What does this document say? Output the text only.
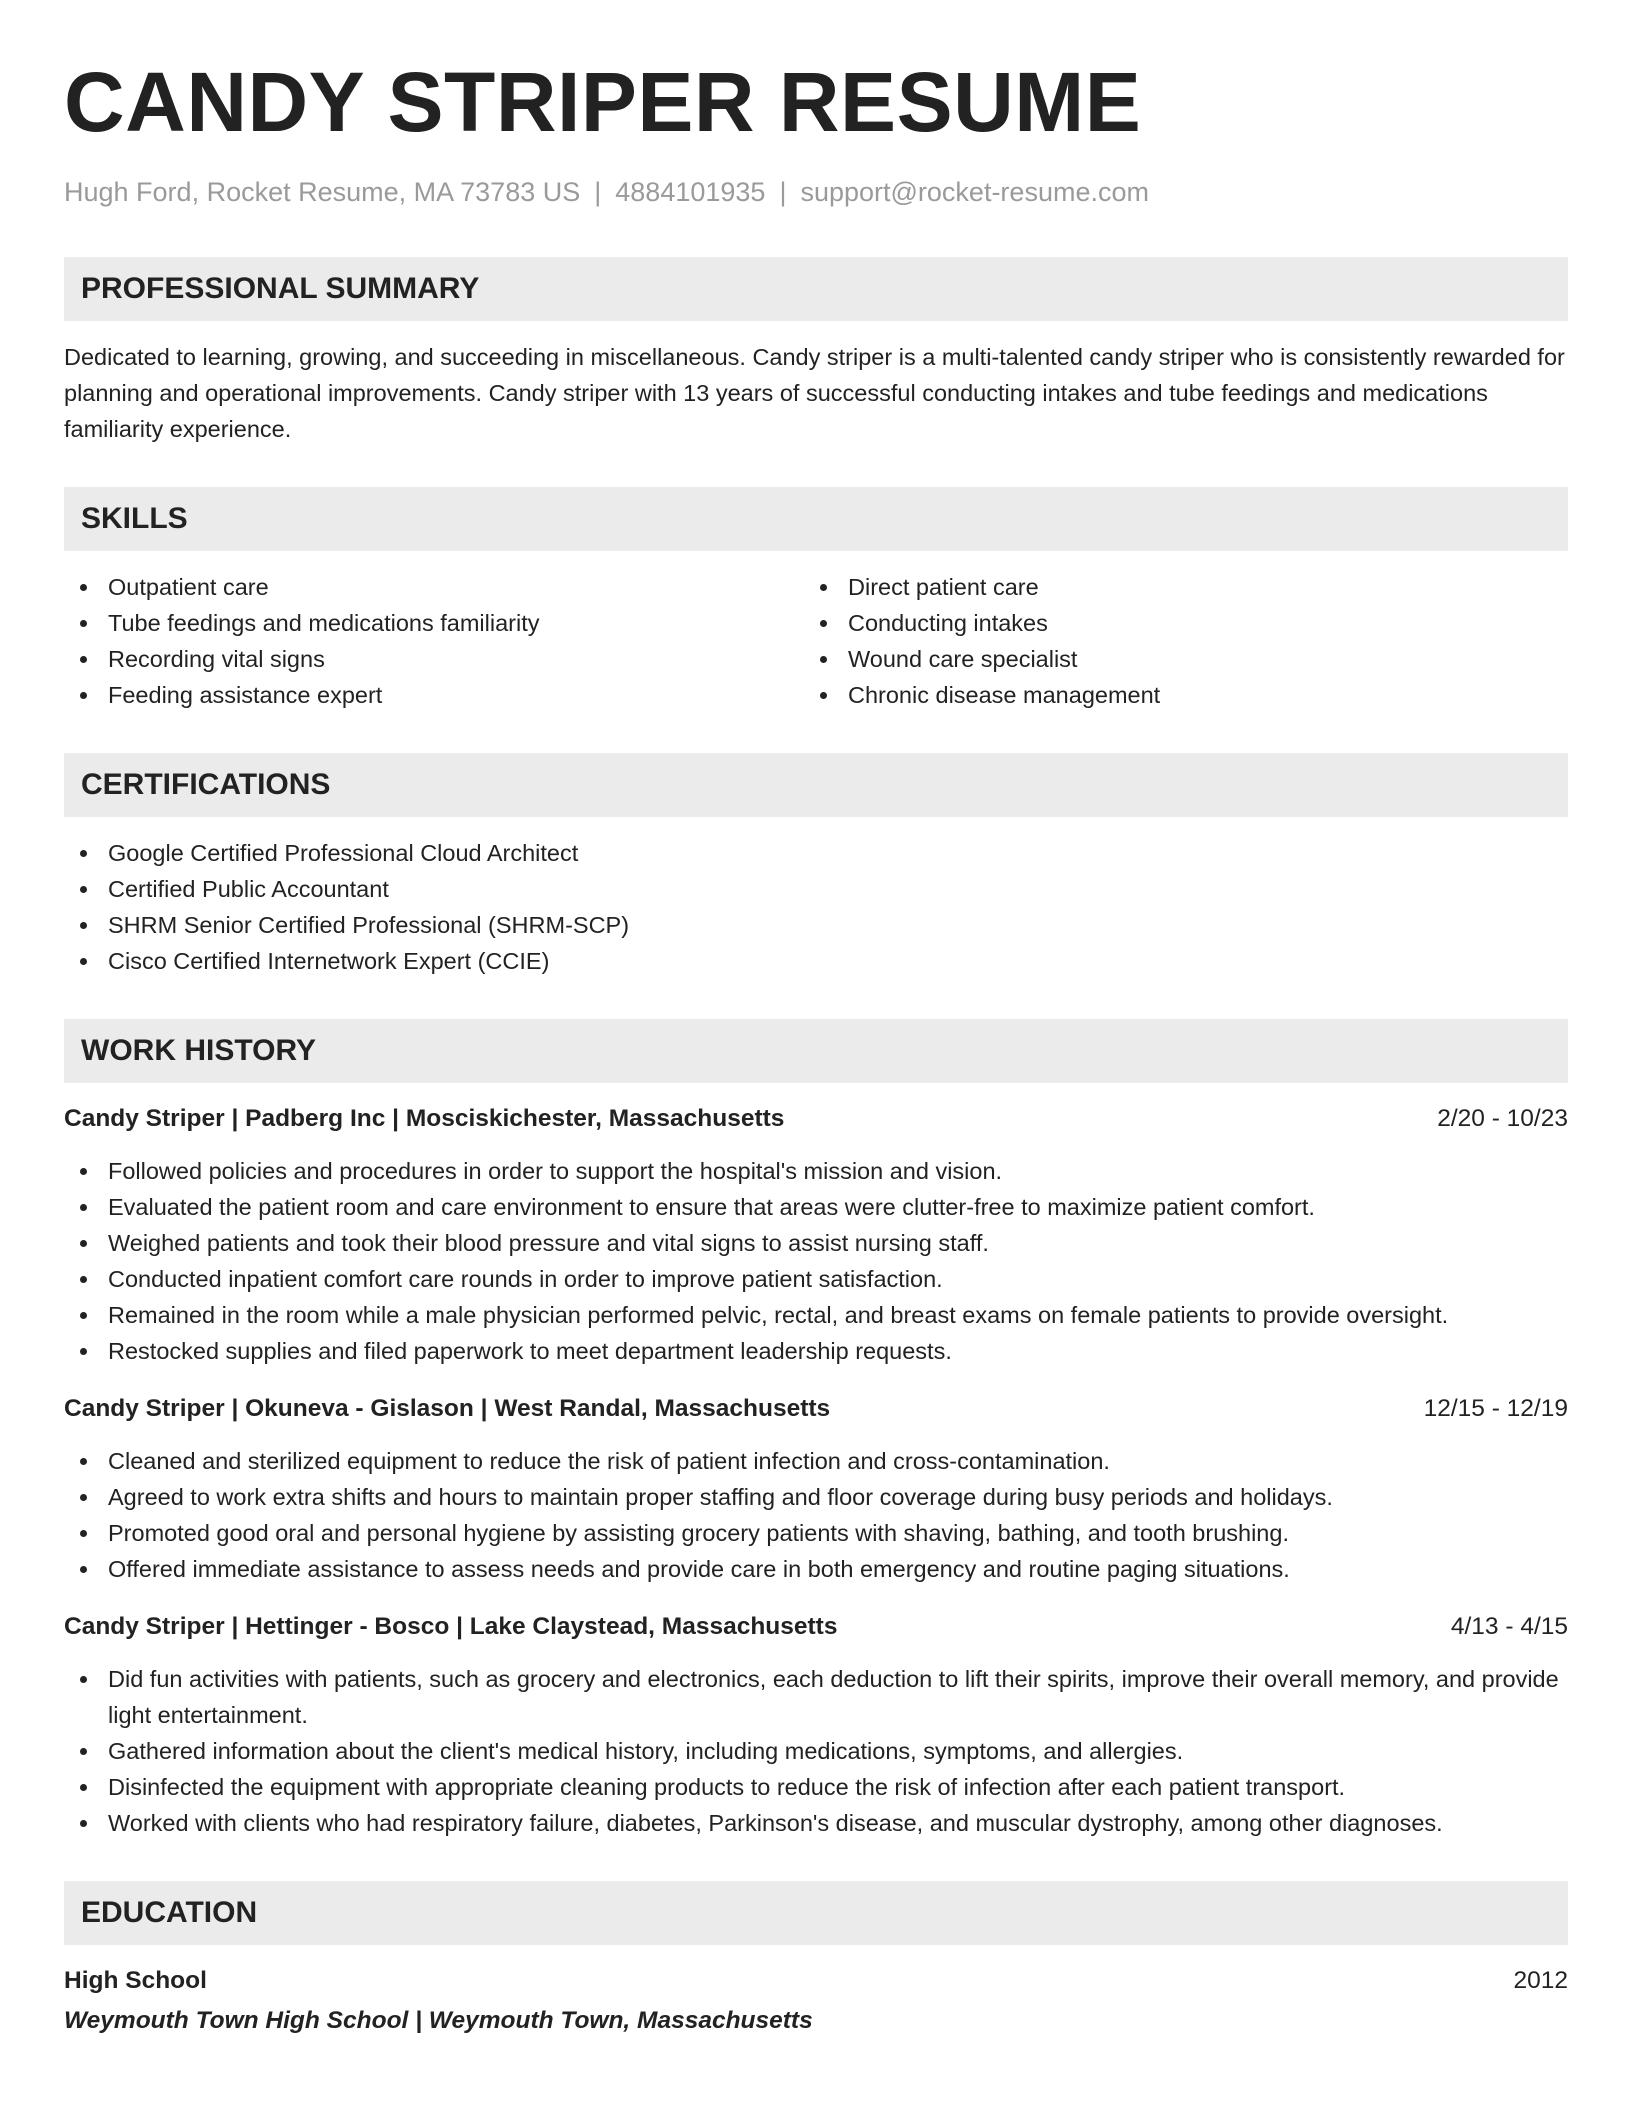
CANDY STRIPER RESUME
Hugh Ford, Rocket Resume, MA 73783 US | 4884101935 | support@rocket-resume.com
PROFESSIONAL SUMMARY
Dedicated to learning, growing, and succeeding in miscellaneous. Candy striper is a multi-talented candy striper who is consistently rewarded for planning and operational improvements. Candy striper with 13 years of successful conducting intakes and tube feedings and medications familiarity experience.
SKILLS
Outpatient care
Tube feedings and medications familiarity
Recording vital signs
Feeding assistance expert
Direct patient care
Conducting intakes
Wound care specialist
Chronic disease management
CERTIFICATIONS
Google Certified Professional Cloud Architect
Certified Public Accountant
SHRM Senior Certified Professional (SHRM-SCP)
Cisco Certified Internetwork Expert (CCIE)
WORK HISTORY
Candy Striper | Padberg Inc | Mosciskichester, Massachusetts	2/20 - 10/23
Followed policies and procedures in order to support the hospital's mission and vision.
Evaluated the patient room and care environment to ensure that areas were clutter-free to maximize patient comfort.
Weighed patients and took their blood pressure and vital signs to assist nursing staff.
Conducted inpatient comfort care rounds in order to improve patient satisfaction.
Remained in the room while a male physician performed pelvic, rectal, and breast exams on female patients to provide oversight.
Restocked supplies and filed paperwork to meet department leadership requests.
Candy Striper | Okuneva - Gislason | West Randal, Massachusetts	12/15 - 12/19
Cleaned and sterilized equipment to reduce the risk of patient infection and cross-contamination.
Agreed to work extra shifts and hours to maintain proper staffing and floor coverage during busy periods and holidays.
Promoted good oral and personal hygiene by assisting grocery patients with shaving, bathing, and tooth brushing.
Offered immediate assistance to assess needs and provide care in both emergency and routine paging situations.
Candy Striper | Hettinger - Bosco | Lake Claystead, Massachusetts	4/13 - 4/15
Did fun activities with patients, such as grocery and electronics, each deduction to lift their spirits, improve their overall memory, and provide light entertainment.
Gathered information about the client's medical history, including medications, symptoms, and allergies.
Disinfected the equipment with appropriate cleaning products to reduce the risk of infection after each patient transport.
Worked with clients who had respiratory failure, diabetes, Parkinson's disease, and muscular dystrophy, among other diagnoses.
EDUCATION
High School	2012
Weymouth Town High School | Weymouth Town, Massachusetts
